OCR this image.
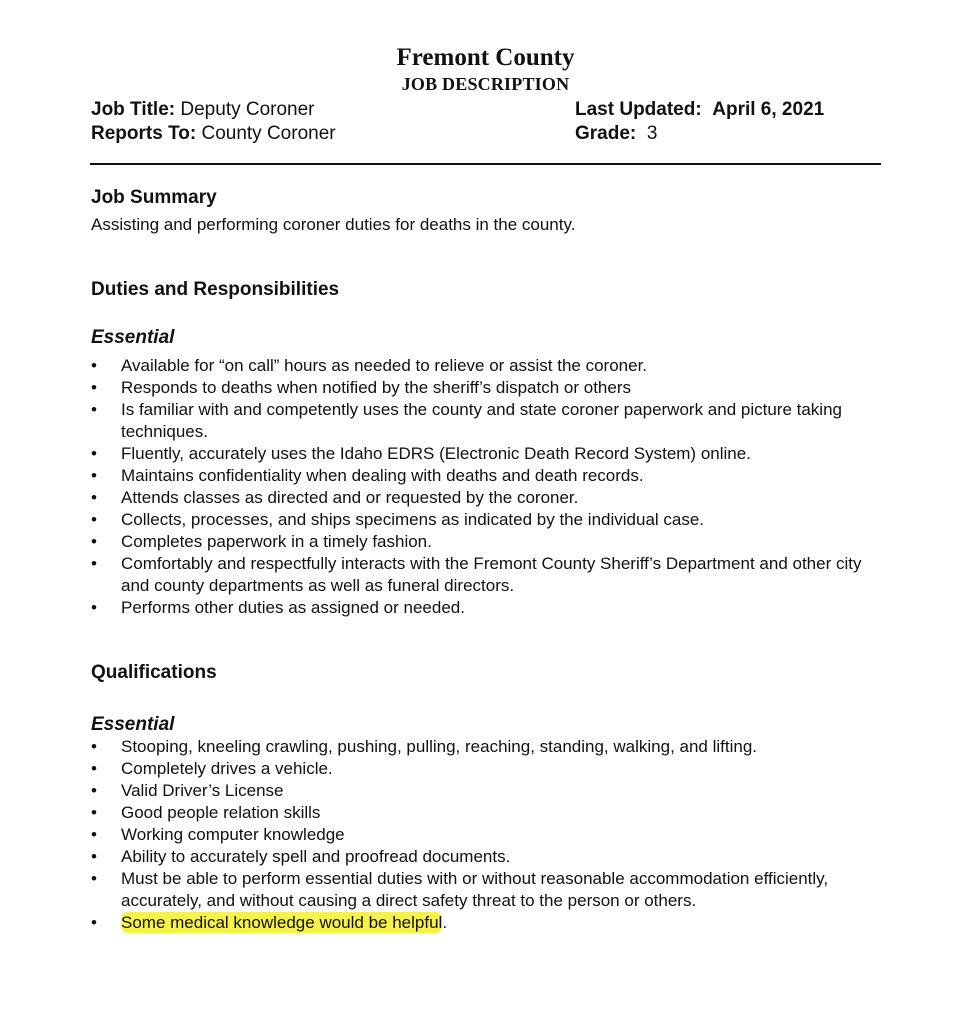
Fremont County
JOB DESCRIPTION
Job Title: Deputy Coroner
Reports To: County Coroner
Last Updated: April 6, 2021
Grade: 3
Job Summary
Assisting and performing coroner duties for deaths in the county.
Duties and Responsibilities
Essential
•	Available for “on call” hours as needed to relieve or assist the coroner.
•	Responds to deaths when notified by the sheriff’s dispatch or others
•	Is familiar with and competently uses the county and state coroner paperwork and picture taking techniques.
•	Fluently, accurately uses the Idaho EDRS (Electronic Death Record System) online.
•	Maintains confidentiality when dealing with deaths and death records.
•	Attends classes as directed and or requested by the coroner.
•	Collects, processes, and ships specimens as indicated by the individual case.
•	Completes paperwork in a timely fashion.
•	Comfortably and respectfully interacts with the Fremont County Sheriff’s Department and other city and county departments as well as funeral directors.
•	Performs other duties as assigned or needed.
Qualifications
Essential
•	Stooping, kneeling crawling, pushing, pulling, reaching, standing, walking, and lifting.
•	Completely drives a vehicle.
•	Valid Driver’s License
•	Good people relation skills
•	Working computer knowledge
•	Ability to accurately spell and proofread documents.
•	Must be able to perform essential duties with or without reasonable accommodation efficiently, accurately, and without causing a direct safety threat to the person or others.
•	Some medical knowledge would be helpful.
